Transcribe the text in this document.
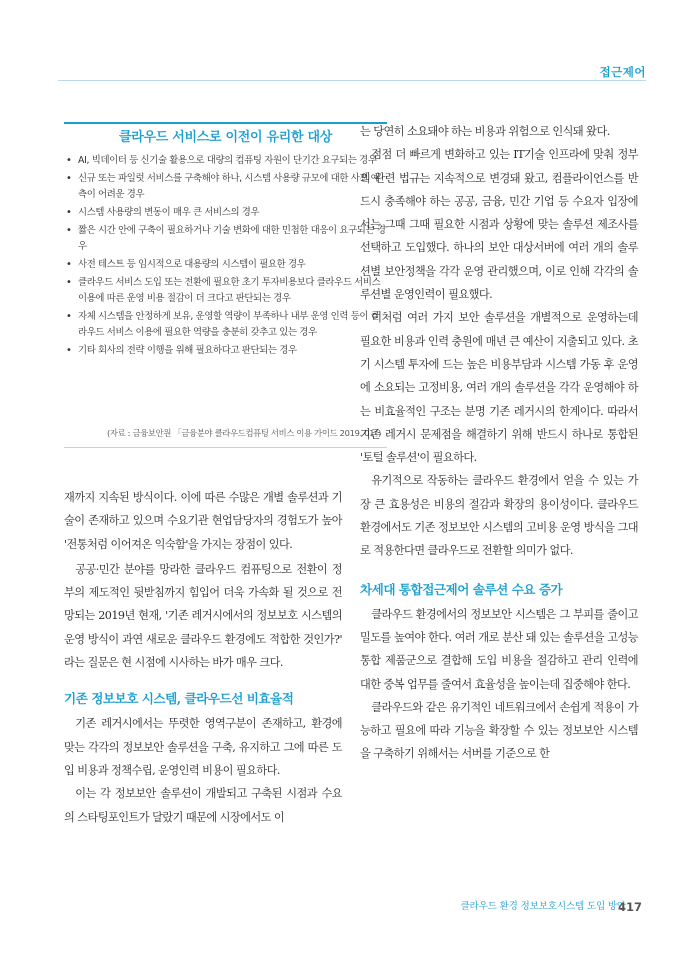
접근제어
클라우드 서비스로 이전이 유리한 대상
• AI, 빅데이터 등 신기술 활용으로 대량의 컴퓨팅 자원이 단기간 요구되는 경우
• 신규 또는 파일럿 서비스를 구축해야 하나, 시스템 사용량 규모에 대한 사전 예측이 어려운 경우
• 시스템 사용량의 변동이 매우 큰 서비스의 경우
• 짧은 시간 안에 구축이 필요하거나 기술 변화에 대한 민첩한 대응이 요구되는 경우
• 사전 테스트 등 임시적으로 대용량의 시스템이 필요한 경우
• 클라우드 서비스 도입 또는 전환에 필요한 초기 투자비용보다 클라우드 서비스 이용에 따른 운영 비용 절감이 더 크다고 판단되는 경우
• 자체 시스템을 안정하게 보유, 운영할 역량이 부족하나 내부 운영 인력 등이 클라우드 서비스 이용에 필요한 역량을 충분히 갖추고 있는 경우
• 기타 회사의 전략 이행을 위해 필요하다고 판단되는 경우
(자료 : 금융보안원 「금융분야 클라우드컴퓨팅 서비스 이용 가이드 2019. 01」)

재까지 지속된 방식이다. 이에 따른 수많은 개별 솔루션과 기술이 존재하고 있으며 수요기관 현업담당자의 경험도가 높아 '전통처럼 이어져온 익숙함'을 가지는 장점이 있다.

공공·민간 분야를 망라한 클라우드 컴퓨팅으로 전환이 정부의 제도적인 뒷받침까지 힘입어 더욱 가속화 될 것으로 전망되는 2019년 현재, '기존 레거시에서의 정보보호 시스템의 운영 방식이 과연 새로운 클라우드 환경에도 적합한 것인가?' 라는 질문은 현 시점에 시사하는 바가 매우 크다.

기존 정보보호 시스템, 클라우드선 비효율적

기존 레거시에서는 뚜렷한 영역구분이 존재하고, 환경에 맞는 각각의 정보보안 솔루션을 구축, 유지하고 그에 따른 도입 비용과 정책수립, 운영인력 비용이 필요하다.

이는 각 정보보안 솔루션이 개발되고 구축된 시점과 수요의 스타팅포인트가 달랐기 때문에 시장에서도 이

는 당연히 소요돼야 하는 비용과 위험으로 인식돼 왔다.

점점 더 빠르게 변화하고 있는 IT기술 인프라에 맞춰 정부의 관련 법규는 지속적으로 변경돼 왔고, 컴플라이언스를 반드시 충족해야 하는 공공, 금융, 민간 기업 등 수요자 입장에서는 그때 그때 필요한 시점과 상황에 맞는 솔루션 제조사를 선택하고 도입했다. 하나의 보안 대상서버에 여러 개의 솔루션별 보안정책을 각각 운영 관리했으며, 이로 인해 각각의 솔루션별 운영인력이 필요했다.

이처럼 여러 가지 보안 솔루션을 개별적으로 운영하는데 필요한 비용과 인력 충원에 매년 큰 예산이 지출되고 있다. 초기 시스템 투자에 드는 높은 비용부담과 시스템 가동 후 운영에 소요되는 고정비용, 여러 개의 솔루션을 각각 운영해야 하는 비효율적인 구조는 분명 기존 레거시의 한계이다. 따라서 기존 레거시 문제점을 해결하기 위해 반드시 하나로 통합된 '토털 솔루션'이 필요하다.

유기적으로 작동하는 클라우드 환경에서 얻을 수 있는 가장 큰 효용성은 비용의 절감과 확장의 용이성이다. 클라우드 환경에서도 기존 정보보안 시스템의 고비용 운영 방식을 그대로 적용한다면 클라우드로 전환할 의미가 없다.

차세대 통합접근제어 솔루션 수요 증가

클라우드 환경에서의 정보보안 시스템은 그 부피를 줄이고 밀도를 높여야 한다. 여러 개로 분산 돼 있는 솔루션을 고성능 통합 제품군으로 결합해 도입 비용을 절감하고 관리 인력에 대한 중복 업무를 줄여서 효율성을 높이는데 집중해야 한다.

클라우드와 같은 유기적인 네트워크에서 손쉽게 적용이 가능하고 필요에 따라 기능을 확장할 수 있는 정보보안 시스템을 구축하기 위해서는 서버를 기준으로 한

클라우드 환경 정보보호시스템 도입 방안
417
